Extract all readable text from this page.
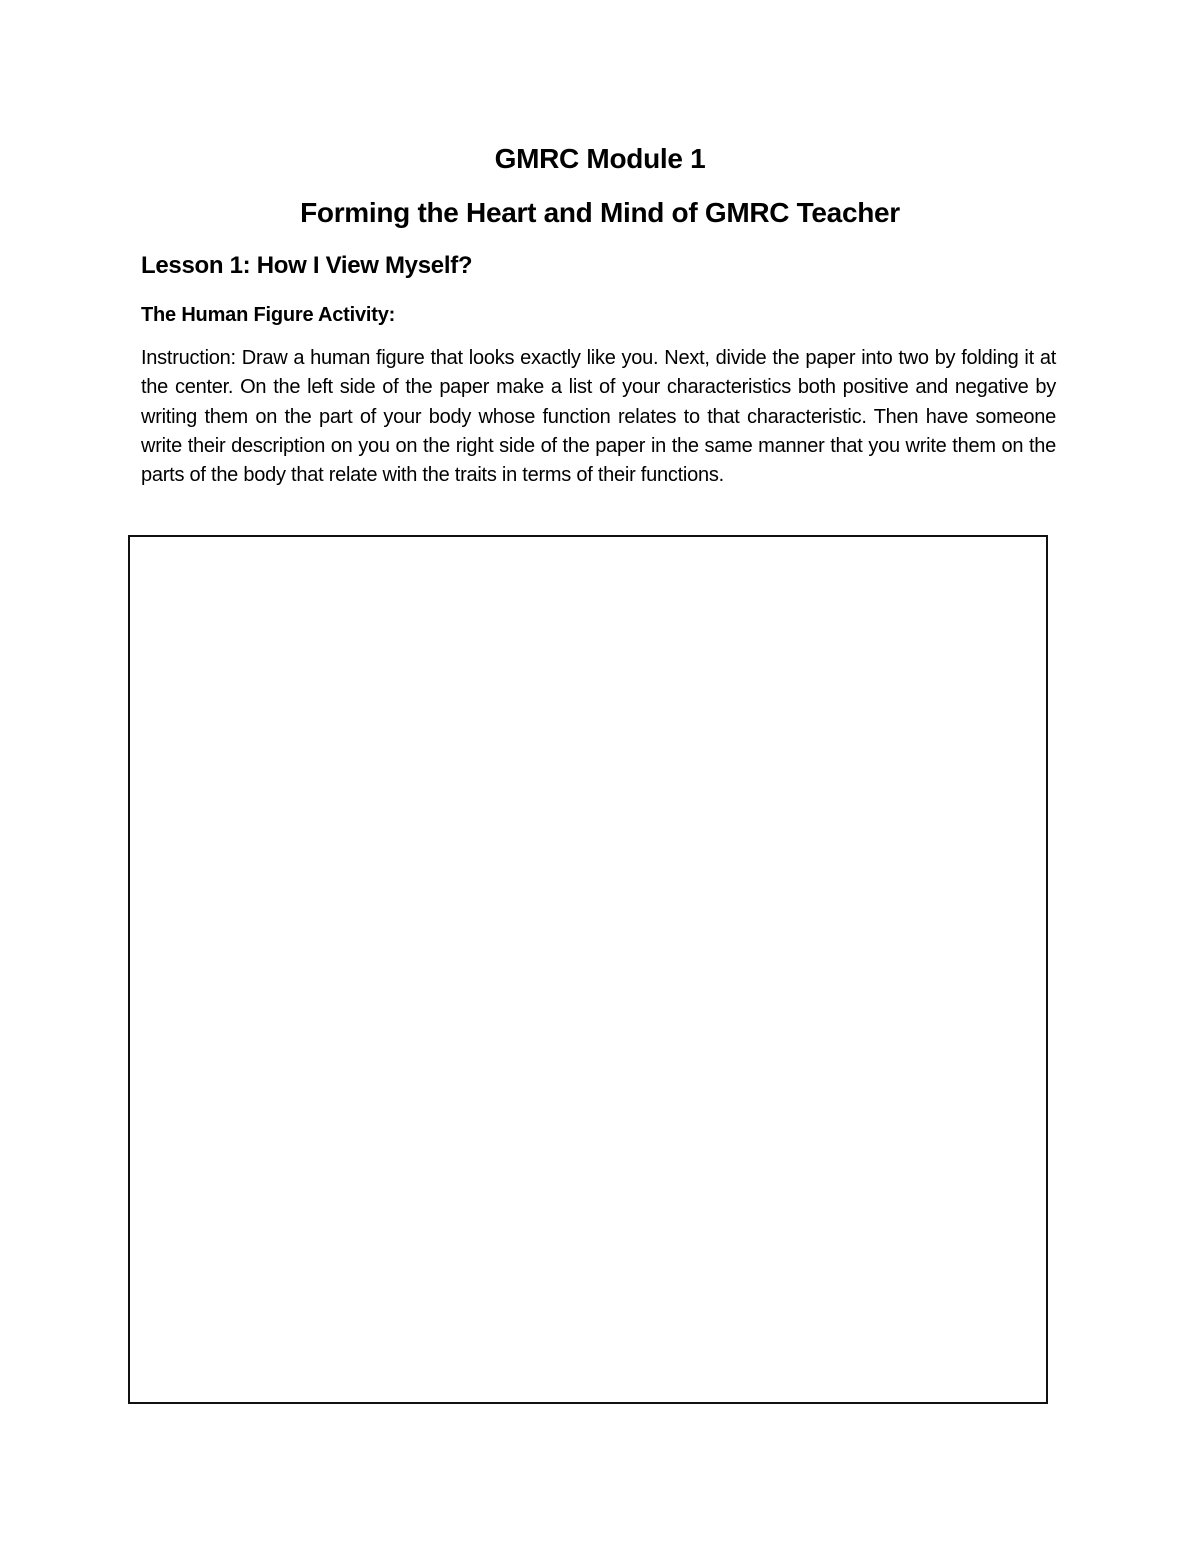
GMRC Module 1
Forming the Heart and Mind of GMRC Teacher
Lesson 1: How I View Myself?
The Human Figure Activity:
Instruction: Draw a human figure that looks exactly like you. Next, divide the paper into two by folding it at the center. On the left side of the paper make a list of your characteristics both positive and negative by writing them on the part of your body whose function relates to that characteristic. Then have someone write their description on you on the right side of the paper in the same manner that you write them on the parts of the body that relate with the traits in terms of their functions.
